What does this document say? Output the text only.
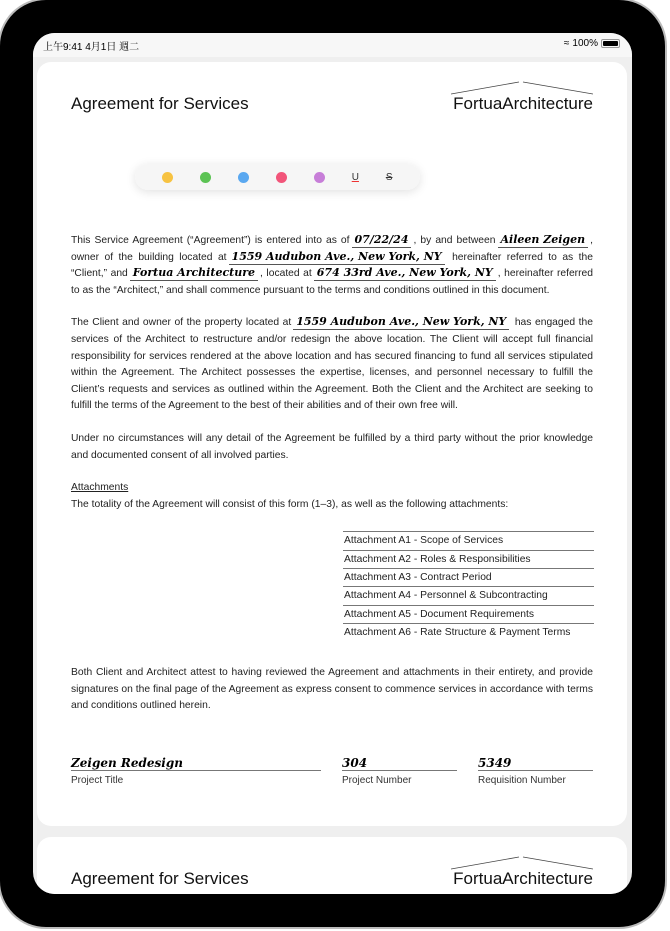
上午9:41 4月1日 週二	≈ 100%
Agreement for Services	FortuaArchitecture
U	S

This Service Agreement (“Agreement”) is entered into as of 07/22/24 , by and between Aileen Zeigen , owner of the building located at 1559 Audubon Ave., New York, NY hereinafter referred to as the “Client,” and Fortua Architecture , located at 674 33rd Ave., New York, NY , hereinafter referred to as the “Architect,” and shall commence pursuant to the terms and conditions outlined in this document.

The Client and owner of the property located at 1559 Audubon Ave., New York, NY has engaged the services of the Architect to restructure and/or redesign the above location. The Client will accept full financial responsibility for services rendered at the above location and has secured financing to fund all services stipulated within the Agreement. The Architect possesses the expertise, licenses, and personnel necessary to fulfill the Client’s requests and services as outlined within the Agreement. Both the Client and the Architect are seeking to fulfill the terms of the Agreement to the best of their abilities and of their own free will.

Under no circumstances will any detail of the Agreement be fulfilled by a third party without the prior knowledge and documented consent of all involved parties.

Attachments

The totality of the Agreement will consist of this form (1–3), as well as the following attachments:

Attachment A1 - Scope of Services
Attachment A2 - Roles & Responsibilities
Attachment A3 - Contract Period
Attachment A4 - Personnel & Subcontracting
Attachment A5 - Document Requirements
Attachment A6 - Rate Structure & Payment Terms

Both Client and Architect attest to having reviewed the Agreement and attachments in their entirety, and provide signatures on the final page of the Agreement as express consent to commence services in accordance with terms and conditions outlined herein.

Zeigen Redesign
Project Title
304
Project Number
5349
Requisition Number
Agreement for Services	FortuaArchitecture
